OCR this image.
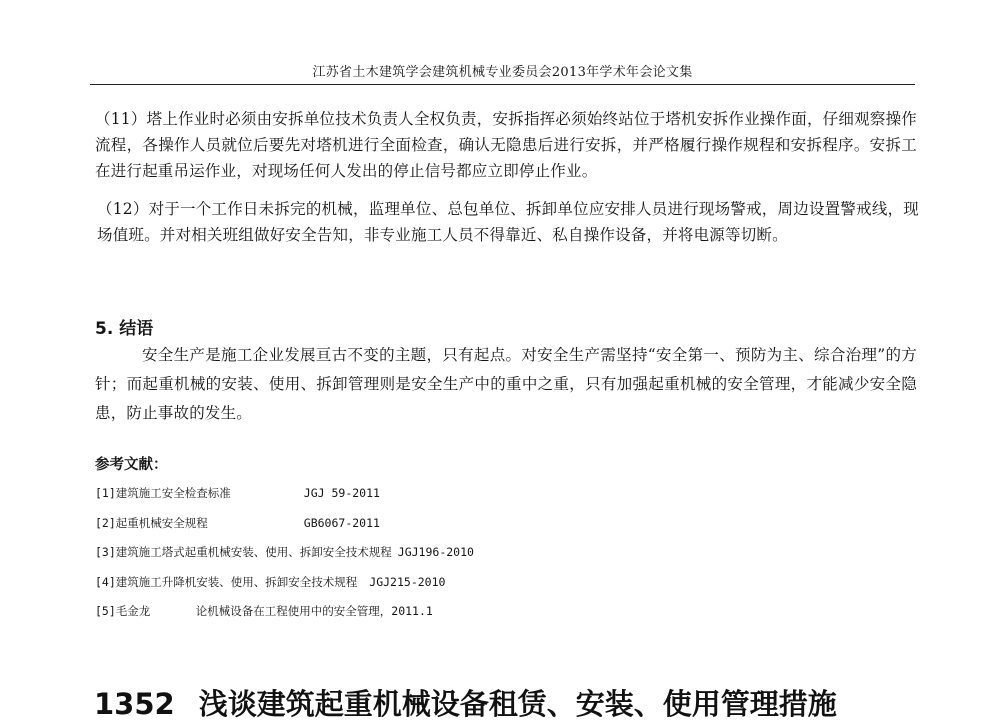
江苏省土木建筑学会建筑机械专业委员会2013年学术年会论文集

（11）塔上作业时必须由安拆单位技术负责人全权负责，安拆指挥必须始终站位于塔机安拆作业操作面，仔细观察操作流程，各操作人员就位后要先对塔机进行全面检查，确认无隐患后进行安拆，并严格履行操作规程和安拆程序。安拆工在进行起重吊运作业，对现场任何人发出的停止信号都应立即停止作业。

（12）对于一个工作日未拆完的机械，监理单位、总包单位、拆卸单位应安排人员进行现场警戒，周边设置警戒线，现场值班。并对相关班组做好安全告知，非专业施工人员不得靠近、私自操作设备，并将电源等切断。

5. 结语

安全生产是施工企业发展亘古不变的主题，只有起点。对安全生产需坚持“安全第一、预防为主、综合治理”的方针；而起重机械的安装、使用、拆卸管理则是安全生产中的重中之重，只有加强起重机械的安全管理，才能减少安全隐患，防止事故的发生。

参考文献：
[1]建筑施工安全检查标准	JGJ 59-2011
[2]起重机械安全规程	GB6067-2011
[3]建筑施工塔式起重机械安装、使用、拆卸安全技术规程 JGJ196-2010
[4]建筑施工升降机安装、使用、拆卸安全技术规程 JGJ215-2010
[5]毛金龙	论机械设备在工程使用中的安全管理，2011.1
1352 浅谈建筑起重机械设备租赁、安装、使用管理措施
